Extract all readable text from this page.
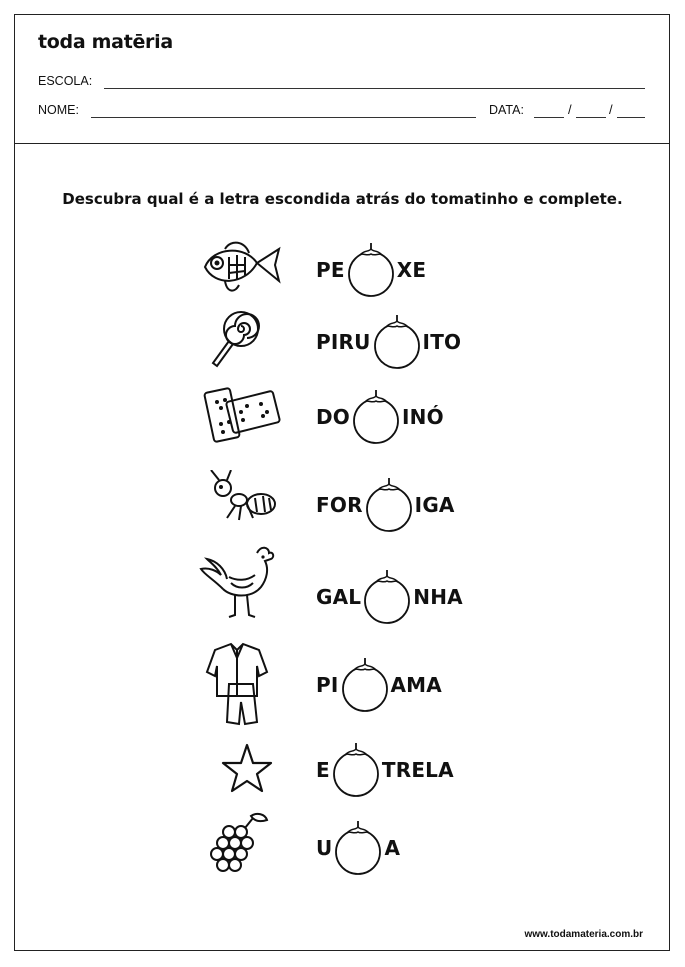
toda matēria
ESCOLA:
NOME:	DATA:	/	/
Descubra qual é a letra escondida atrás do tomatinho e complete.
PE	XE
PIRU	ITO
DO	INÓ
FOR	IGA
GAL	NHA
PI	AMA
E	TRELA
U	A
www.todamateria.com.br
